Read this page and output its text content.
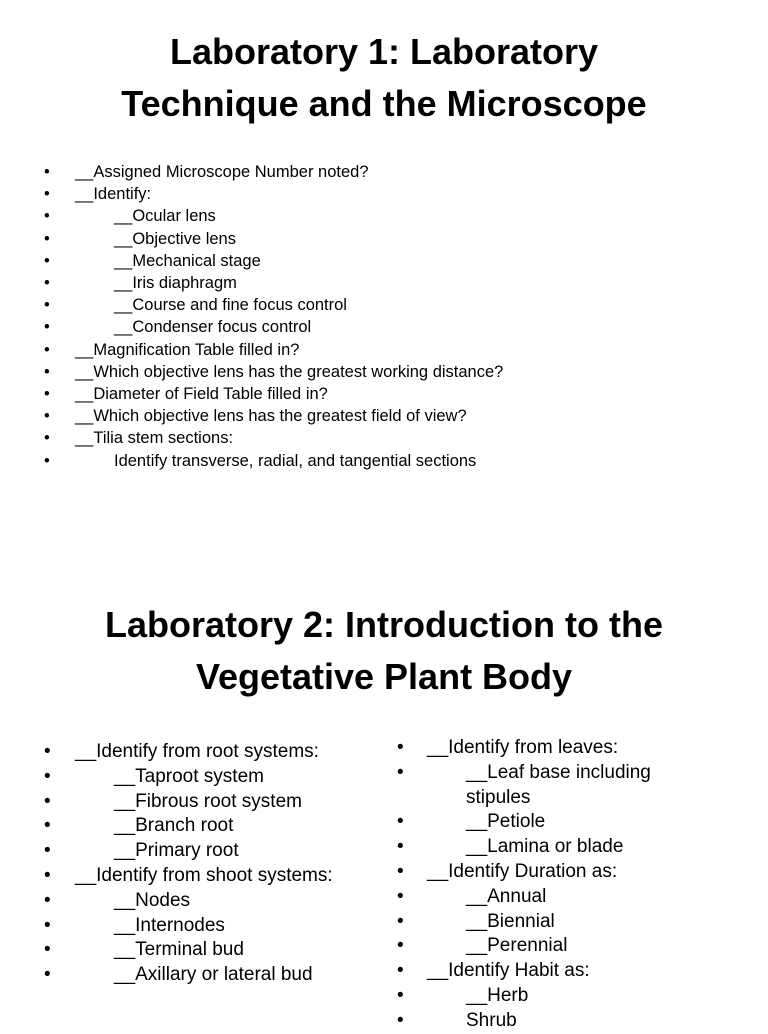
Laboratory 1: Laboratory
Technique and the Microscope
•	__Assigned Microscope Number noted?
•	__Identify:
•	__Ocular lens
•	__Objective lens
•	__Mechanical stage
•	__Iris diaphragm
•	__Course and fine focus control
•	__Condenser focus control
•	__Magnification Table filled in?
•	__Which objective lens has the greatest working distance?
•	__Diameter of Field Table filled in?
•	__Which objective lens has the greatest field of view?
•	__Tilia stem sections:
•	Identify transverse, radial, and tangential sections
Laboratory 2: Introduction to the
Vegetative Plant Body
•	__Identify from root systems:
•	__Taproot system
•	__Fibrous root system
•	__Branch root
•	__Primary root
•	__Identify from shoot systems:
•	__Nodes
•	__Internodes
•	__Terminal bud
•	__Axillary or lateral bud
•	__Identify from leaves:
•	__Leaf base including stipules
•	__Petiole
•	__Lamina or blade
•	__Identify Duration as:
•	__Annual
•	__Biennial
•	__Perennial
•	__Identify Habit as:
•	__Herb
•	Shrub
